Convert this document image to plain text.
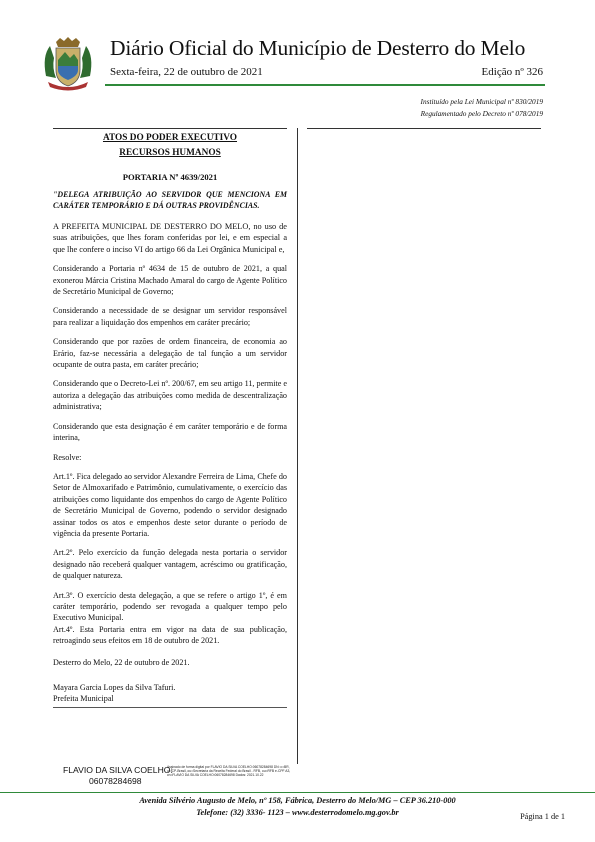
Diário Oficial do Município de Desterro do Melo
Sexta-feira, 22 de outubro de 2021	Edição nº 326
Instituído pela Lei Municipal nº 830/2019
Regulamentado pelo Decreto nº 078/2019
ATOS DO PODER EXECUTIVO
RECURSOS HUMANOS
PORTARIA Nº 4639/2021
"DELEGA ATRIBUIÇÃO AO SERVIDOR QUE MENCIONA EM CARÁTER TEMPORÁRIO E DÁ OUTRAS PROVIDÊNCIAS.

A PREFEITA MUNICIPAL DE DESTERRO DO MELO, no uso de suas atribuições, que lhes foram conferidas por lei, e em especial a que lhe confere o inciso VI do artigo 66 da Lei Orgânica Municipal e,

Considerando a Portaria nº 4634 de 15 de outubro de 2021, a qual exonerou Márcia Cristina Machado Amaral do cargo de Agente Político de Secretário Municipal de Governo;

Considerando a necessidade de se designar um servidor responsável para realizar a liquidação dos empenhos em caráter precário;

Considerando que por razões de ordem financeira, de economia ao Erário, faz-se necessária a delegação de tal função a um servidor ocupante de outra pasta, em caráter precário;

Considerando que o Decreto-Lei nº. 200/67, em seu artigo 11, permite e autoriza a delegação das atribuições como medida de descentralização administrativa;

Considerando que esta designação é em caráter temporário e de forma interina,

Resolve:

Art.1º. Fica delegado ao servidor Alexandre Ferreira de Lima, Chefe do Setor de Almoxarifado e Patrimônio, cumulativamente, o exercício das atribuições como liquidante dos empenhos do cargo de Agente Político de Secretário Municipal de Governo, podendo o servidor designado assinar todos os atos e empenhos deste setor durante o período de vigência da presente Portaria.

Art.2º. Pelo exercício da função delegada nesta portaria o servidor designado não receberá qualquer vantagem, acréscimo ou gratificação, de qualquer natureza.

Art.3º. O exercício desta delegação, a que se refere o artigo 1º, é em caráter temporário, podendo ser revogada a qualquer tempo pelo Executivo Municipal.

Art.4º. Esta Portaria entra em vigor na data de sua publicação, retroagindo seus efeitos em 18 de outubro de 2021.

Desterro do Melo, 22 de outubro de 2021.

Mayara Garcia Lopes da Silva Tafuri.
Prefeita Municipal
FLAVIO DA SILVA COELHO:
06078284698
Assinado de forma digital por FLAVIO DA SILVA COELHO:06078284698 DN: c=BR, o=ICP-Brasil, ou=Secretaria da Receita Federal do Brasil - RFB, ou=RFB e-CPF A3, cn=FLAVIO DA SILVA COELHO:06078284698 Dados: 2021.10.22
Avenida Silvério Augusto de Melo, nº 158, Fábrica, Desterro do Melo/MG – CEP 36.210-000
Telefone: (32) 3336- 1123 – www.desterrodomelo.mg.gov.br	Página 1 de 1
